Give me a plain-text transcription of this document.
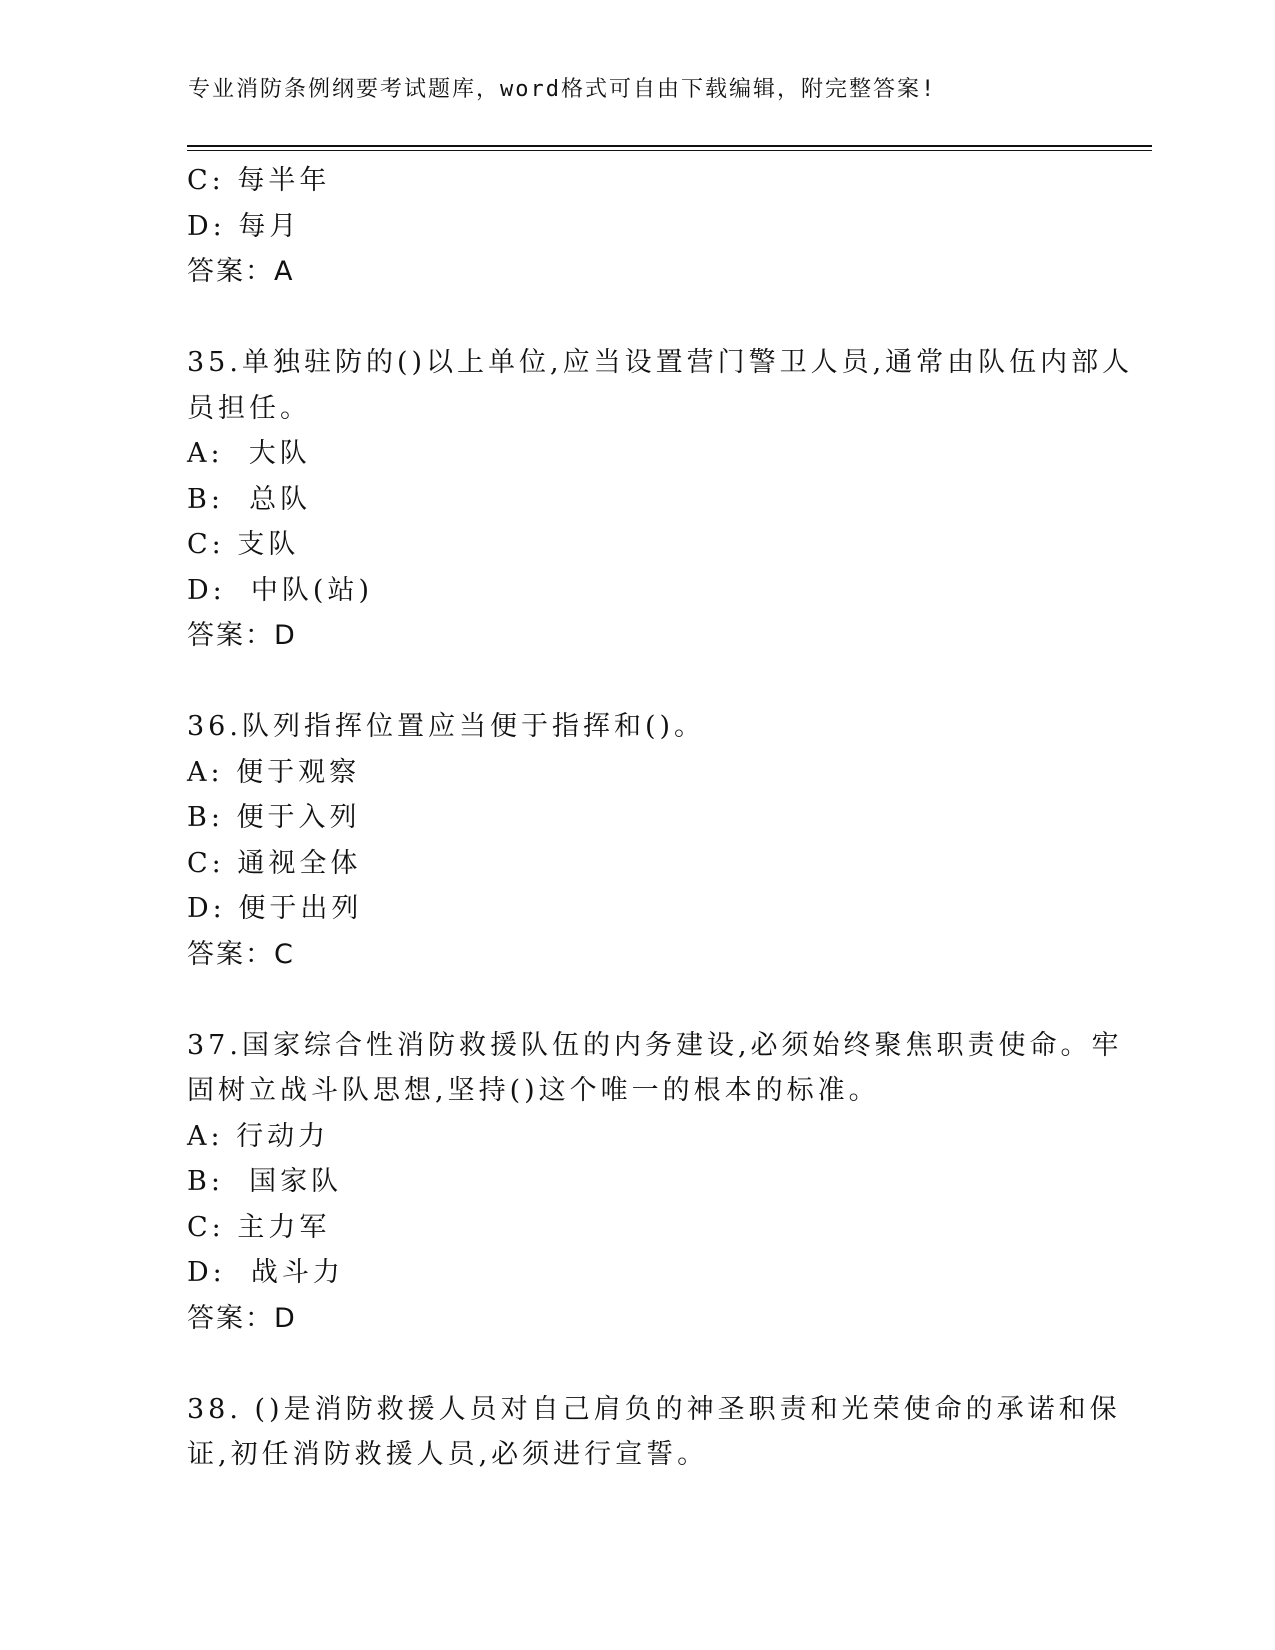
专业消防条例纲要考试题库，word格式可自由下载编辑，附完整答案!
C: 每半年
D: 每月
答案：A
35.单独驻防的()以上单位,应当设置营门警卫人员,通常由队伍内部人
员担任。
A:  大队
B:  总队
C: 支队
D:  中队(站)
答案：D
36.队列指挥位置应当便于指挥和()。
A: 便于观察
B: 便于入列
C: 通视全体
D: 便于出列
答案：C
37.国家综合性消防救援队伍的内务建设,必须始终聚焦职责使命。牢
固树立战斗队思想,坚持()这个唯一的根本的标准。
A: 行动力
B:  国家队
C: 主力军
D:  战斗力
答案：D
38. ()是消防救援人员对自己肩负的神圣职责和光荣使命的承诺和保
证,初任消防救援人员,必须进行宣誓。
